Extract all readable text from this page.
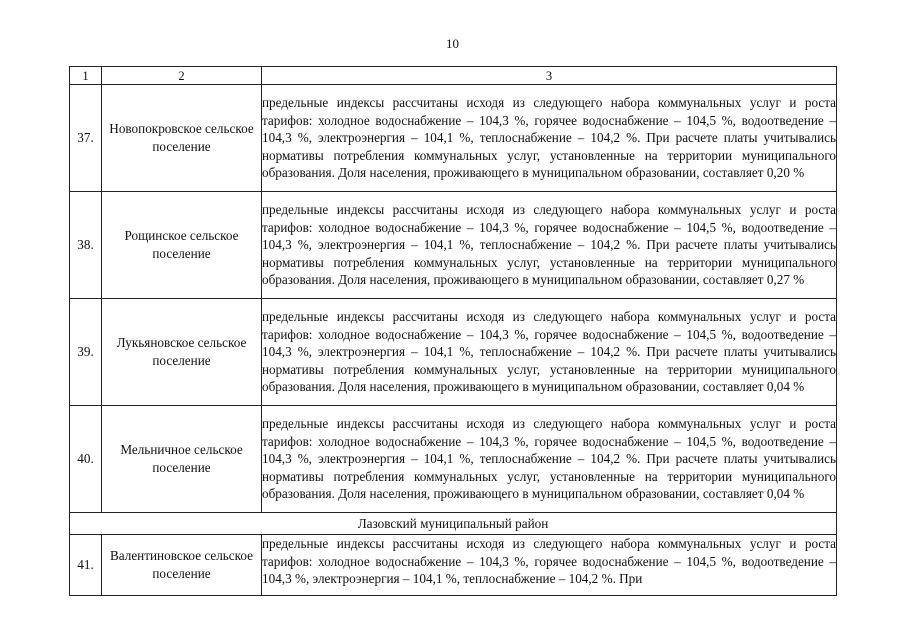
10
1	2	3
37.	Новопокровское сельское поселение	предельные индексы рассчитаны исходя из следующего набора коммунальных услуг и роста тарифов: холодное водоснабжение – 104,3 %, горячее водоснабжение – 104,5 %, водоотведение – 104,3 %, электроэнергия – 104,1 %, теплоснабжение – 104,2 %. При расчете платы учитывались нормативы потребления коммунальных услуг, установленные на территории муниципального образования. Доля населения, проживающего в муниципальном образовании, составляет 0,20 %
38.	Рощинское сельское поселение	предельные индексы рассчитаны исходя из следующего набора коммунальных услуг и роста тарифов: холодное водоснабжение – 104,3 %, горячее водоснабжение – 104,5 %, водоотведение – 104,3 %, электроэнергия – 104,1 %, теплоснабжение – 104,2 %. При расчете платы учитывались нормативы потребления коммунальных услуг, установленные на территории муниципального образования. Доля населения, проживающего в муниципальном образовании, составляет 0,27 %
39.	Лукьяновское сельское поселение	предельные индексы рассчитаны исходя из следующего набора коммунальных услуг и роста тарифов: холодное водоснабжение – 104,3 %, горячее водоснабжение – 104,5 %, водоотведение – 104,3 %, электроэнергия – 104,1 %, теплоснабжение – 104,2 %. При расчете платы учитывались нормативы потребления коммунальных услуг, установленные на территории муниципального образования. Доля населения, проживающего в муниципальном образовании, составляет 0,04 %
40.	Мельничное сельское поселение	предельные индексы рассчитаны исходя из следующего набора коммунальных услуг и роста тарифов: холодное водоснабжение – 104,3 %, горячее водоснабжение – 104,5 %, водоотведение – 104,3 %, электроэнергия – 104,1 %, теплоснабжение – 104,2 %. При расчете платы учитывались нормативы потребления коммунальных услуг, установленные на территории муниципального образования. Доля населения, проживающего в муниципальном образовании, составляет 0,04 %
Лазовский муниципальный район		
41.	Валентиновское сельское поселение	предельные индексы рассчитаны исходя из следующего набора коммунальных услуг и роста тарифов: холодное водоснабжение – 104,3 %, горячее водоснабжение – 104,5 %, водоотведение – 104,3 %, электроэнергия – 104,1 %, теплоснабжение – 104,2 %. При
